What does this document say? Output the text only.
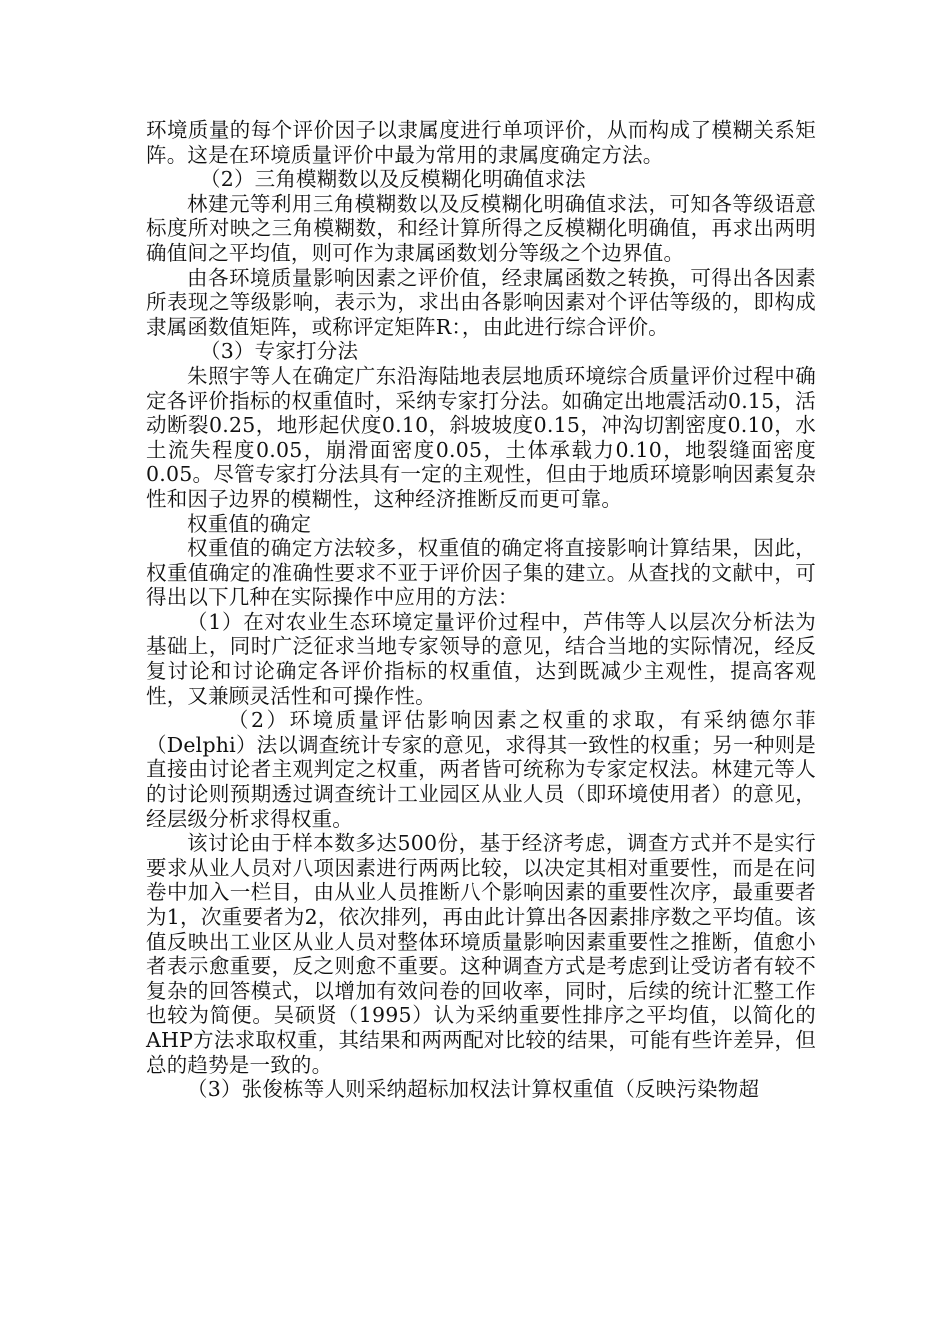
环境质量的每个评价因子以隶属度进行单项评价，从而构成了模糊关系矩阵。这是在环境质量评价中最为常用的隶属度确定方法。

（2）三角模糊数以及反模糊化明确值求法

林建元等利用三角模糊数以及反模糊化明确值求法，可知各等级语意标度所对映之三角模糊数，和经计算所得之反模糊化明确值，再求出两明确值间之平均值，则可作为隶属函数划分等级之个边界值。

由各环境质量影响因素之评价值，经隶属函数之转换，可得出各因素所表现之等级影响，表示为，求出由各影响因素对个评估等级的，即构成隶属函数值矩阵，或称评定矩阵R：，由此进行综合评价。

（3）专家打分法

朱照宇等人在确定广东沿海陆地表层地质环境综合质量评价过程中确定各评价指标的权重值时，采纳专家打分法。如确定出地震活动0.15，活动断裂0.25，地形起伏度0.10，斜坡坡度0.15，冲沟切割密度0.10，水土流失程度0.05，崩滑面密度0.05，土体承载力0.10，地裂缝面密度0.05。尽管专家打分法具有一定的主观性，但由于地质环境影响因素复杂性和因子边界的模糊性，这种经济推断反而更可靠。

权重值的确定

权重值的确定方法较多，权重值的确定将直接影响计算结果，因此，权重值确定的准确性要求不亚于评价因子集的建立。从查找的文献中，可得出以下几种在实际操作中应用的方法：

（1）在对农业生态环境定量评价过程中，芦伟等人以层次分析法为基础上，同时广泛征求当地专家领导的意见，结合当地的实际情况，经反复讨论和讨论确定各评价指标的权重值，达到既减少主观性，提高客观性，又兼顾灵活性和可操作性。

（2）环境质量评估影响因素之权重的求取，有采纳德尔菲（Delphi）法以调查统计专家的意见，求得其一致性的权重；另一种则是直接由讨论者主观判定之权重，两者皆可统称为专家定权法。林建元等人的讨论则预期透过调查统计工业园区从业人员（即环境使用者）的意见，经层级分析求得权重。

该讨论由于样本数多达500份，基于经济考虑，调查方式并不是实行要求从业人员对八项因素进行两两比较，以决定其相对重要性，而是在问卷中加入一栏目，由从业人员推断八个影响因素的重要性次序，最重要者为1，次重要者为2，依次排列，再由此计算出各因素排序数之平均值。该值反映出工业区从业人员对整体环境质量影响因素重要性之推断，值愈小者表示愈重要，反之则愈不重要。这种调查方式是考虑到让受访者有较不复杂的回答模式，以增加有效问卷的回收率，同时，后续的统计汇整工作也较为简便。吴硕贤（1995）认为采纳重要性排序之平均值，以简化的AHP方法求取权重，其结果和两两配对比较的结果，可能有些许差异，但总的趋势是一致的。

（3）张俊栋等人则采纳超标加权法计算权重值（反映污染物超
